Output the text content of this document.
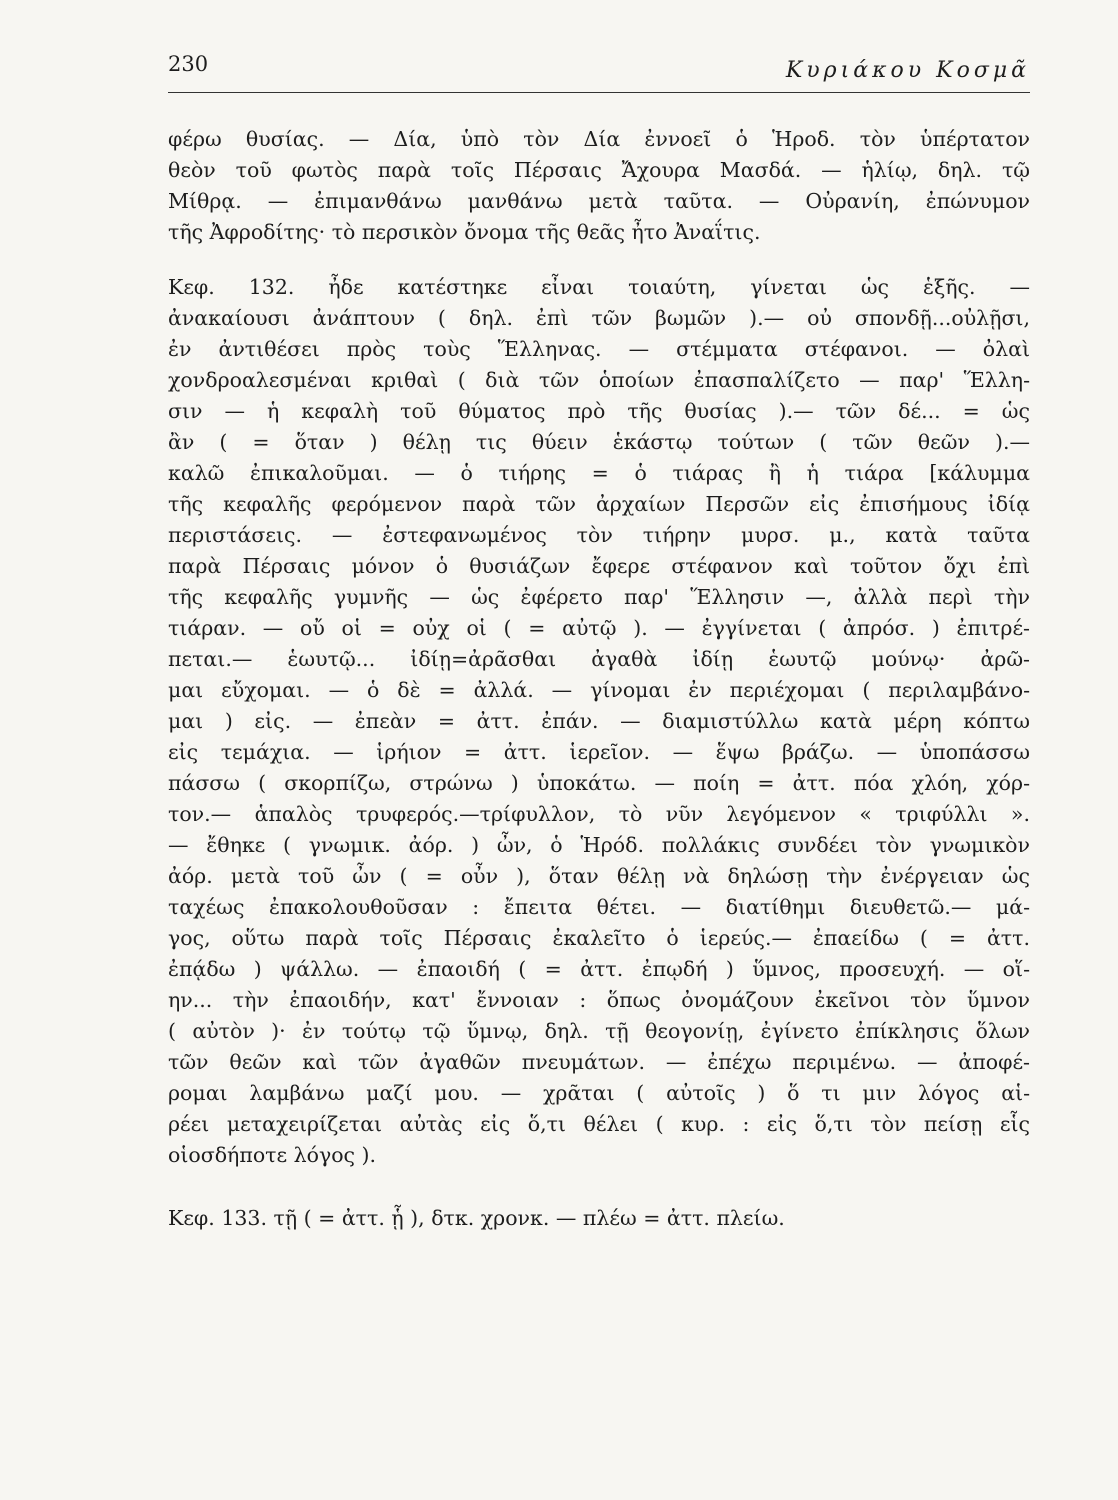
230	Κυριάκου Κοσμᾶ
φέρω θυσίας. — Δία, ὑπὸ τὸν Δία ἐννοεῖ ὁ Ἡροδ. τὸν ὑπέρτατον
θεὸν τοῦ φωτὸς παρὰ τοῖς Πέρσαις Ἄχουρα Μασδά. — ἡλίῳ, δηλ. τῷ
Μίθρᾳ. — ἐπιμανθάνω μανθάνω μετὰ ταῦτα. — Οὐρανίη, ἐπώνυμον
τῆς Ἀφροδίτης· τὸ περσικὸν ὄνομα τῆς θεᾶς ἦτο Ἀναΐτις.
Κεφ. 132. ἦδε κατέστηκε εἶναι τοιαύτη, γίνεται ὡς ἑξῆς. —
ἀνακαίουσι ἀνάπτουν ( δηλ. ἐπὶ τῶν βωμῶν ).— οὐ σπονδῇ...οὐλῇσι,
ἐν ἀντιθέσει πρὸς τοὺς Ἕλληνας. — στέμματα στέφανοι. — ὀλαὶ
χονδροαλεσμέναι κριθαὶ ( διὰ τῶν ὁποίων ἐπασπαλίζετο — παρ' Ἕλλη-
σιν — ἡ κεφαλὴ τοῦ θύματος πρὸ τῆς θυσίας ).— τῶν δέ... = ὡς
ἂν ( = ὅταν ) θέλῃ τις θύειν ἑκάστῳ τούτων ( τῶν θεῶν ).—
καλῶ ἐπικαλοῦμαι. — ὁ τιήρης = ὁ τιάρας ἢ ἡ τιάρα [κάλυμμα
τῆς κεφαλῆς φερόμενον παρὰ τῶν ἀρχαίων Περσῶν εἰς ἐπισήμους ἰδίᾳ
περιστάσεις. — ἐστεφανωμένος τὸν τιήρην μυρσ. μ., κατὰ ταῦτα
παρὰ Πέρσαις μόνον ὁ θυσιάζων ἔφερε στέφανον καὶ τοῦτον ὄχι ἐπὶ
τῆς κεφαλῆς γυμνῆς — ὡς ἐφέρετο παρ' Ἕλλησιν —, ἀλλὰ περὶ τὴν
τιάραν. — οὔ οἱ = οὐχ οἱ ( = αὐτῷ ). — ἐγγίνεται ( ἀπρόσ. ) ἐπιτρέ-
πεται.— ἑωυτῷ... ἰδίῃ=ἀρᾶσθαι ἀγαθὰ ἰδίῃ ἑωυτῷ μούνῳ· ἀρῶ-
μαι εὔχομαι. — ὁ δὲ = ἀλλά. — γίνομαι ἐν περιέχομαι ( περιλαμβάνο-
μαι ) εἰς. — ἐπεὰν = ἀττ. ἐπάν. — διαμιστύλλω κατὰ μέρη κόπτω
εἰς τεμάχια. — ἱρήιον = ἀττ. ἱερεῖον. — ἕψω βράζω. — ὑποπάσσω
πάσσω ( σκορπίζω, στρώνω ) ὑποκάτω. — ποίη = ἀττ. πόα χλόη, χόρ-
τον.— ἁπαλὸς τρυφερός.—τρίφυλλον, τὸ νῦν λεγόμενον « τριφύλλι ».
— ἔθηκε ( γνωμικ. ἀόρ. ) ὦν, ὁ Ἡρόδ. πολλάκις συνδέει τὸν γνωμικὸν
ἀόρ. μετὰ τοῦ ὦν ( = οὖν ), ὅταν θέλῃ νὰ δηλώσῃ τὴν ἐνέργειαν ὡς
ταχέως ἐπακολουθοῦσαν : ἔπειτα θέτει. — διατίθημι διευθετῶ.— μά-
γος, οὕτω παρὰ τοῖς Πέρσαις ἐκαλεῖτο ὁ ἱερεύς.— ἐπαείδω ( = ἀττ.
ἐπᾴδω ) ψάλλω. — ἐπαοιδή ( = ἀττ. ἐπῳδή ) ὕμνος, προσευχή. — οἵ-
ην... τὴν ἐπαοιδήν, κατ' ἔννοιαν : ὅπως ὀνομάζουν ἐκεῖνοι τὸν ὕμνον
( αὐτὸν )· ἐν τούτῳ τῷ ὕμνῳ, δηλ. τῇ θεογονίῃ, ἐγίνετο ἐπίκλησις ὅλων
τῶν θεῶν καὶ τῶν ἀγαθῶν πνευμάτων. — ἐπέχω περιμένω. — ἀποφέ-
ρομαι λαμβάνω μαζί μου. — χρᾶται ( αὐτοῖς ) ὅ τι μιν λόγος αἱ-
ρέει μεταχειρίζεται αὐτὰς εἰς ὅ,τι θέλει ( κυρ. : εἰς ὅ,τι τὸν πείσῃ εἷς
οἱοσδήποτε λόγος ).
Κεφ. 133. τῇ ( = ἀττ. ᾗ ), δτκ. χρονκ. — πλέω = ἀττ. πλείω.
